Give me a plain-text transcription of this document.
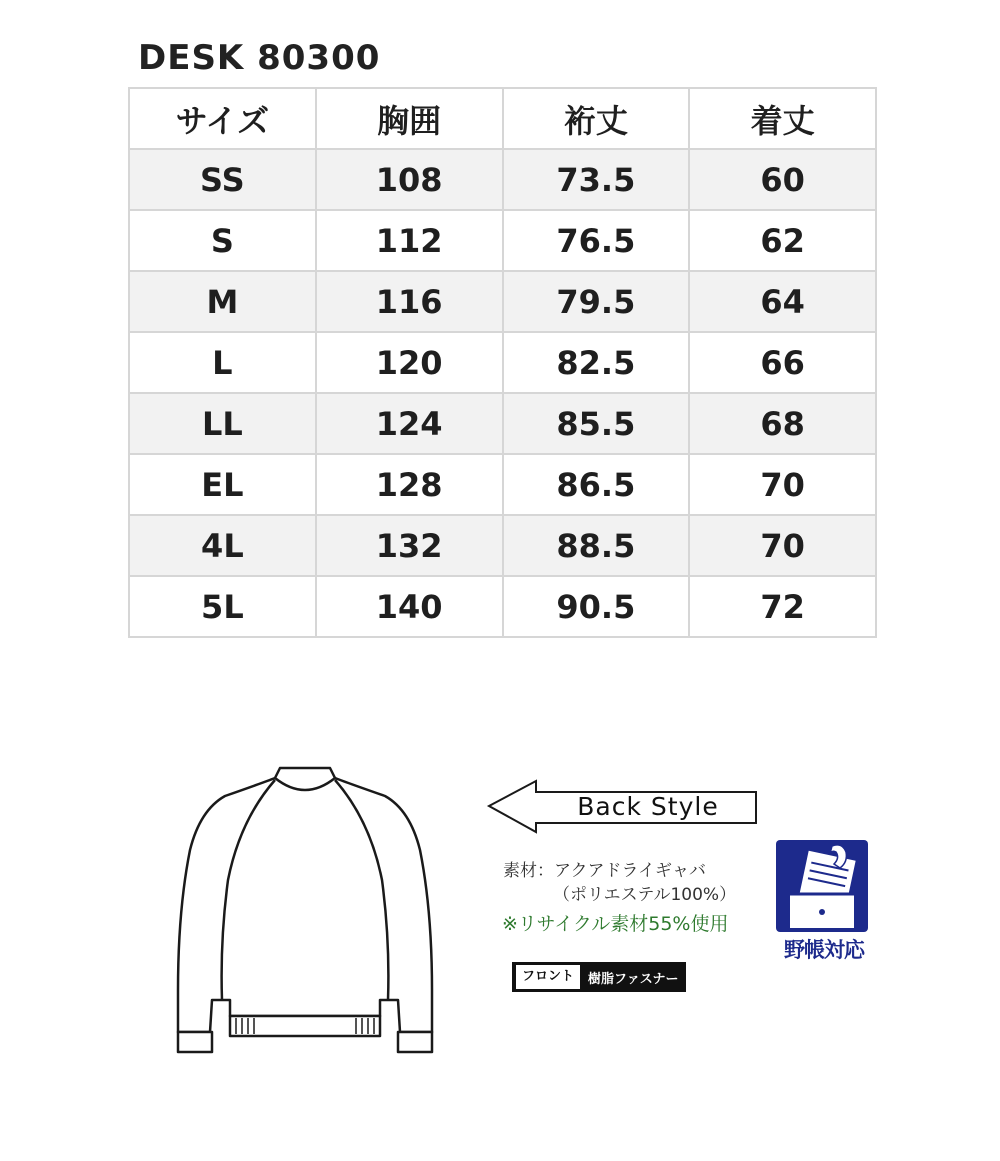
DESK 80300
サイズ	胸囲	裄丈	着丈
SS	108	73.5	60
S	112	76.5	62
M	116	79.5	64
L	120	82.5	66
LL	124	85.5	68
EL	128	86.5	70
4L	132	88.5	70
5L	140	90.5	72
Back Style
素材：アクアドライギャバ
（ポリエステル100%）
※リサイクル素材55%使用
フロント	樹脂ファスナー
野帳対応
